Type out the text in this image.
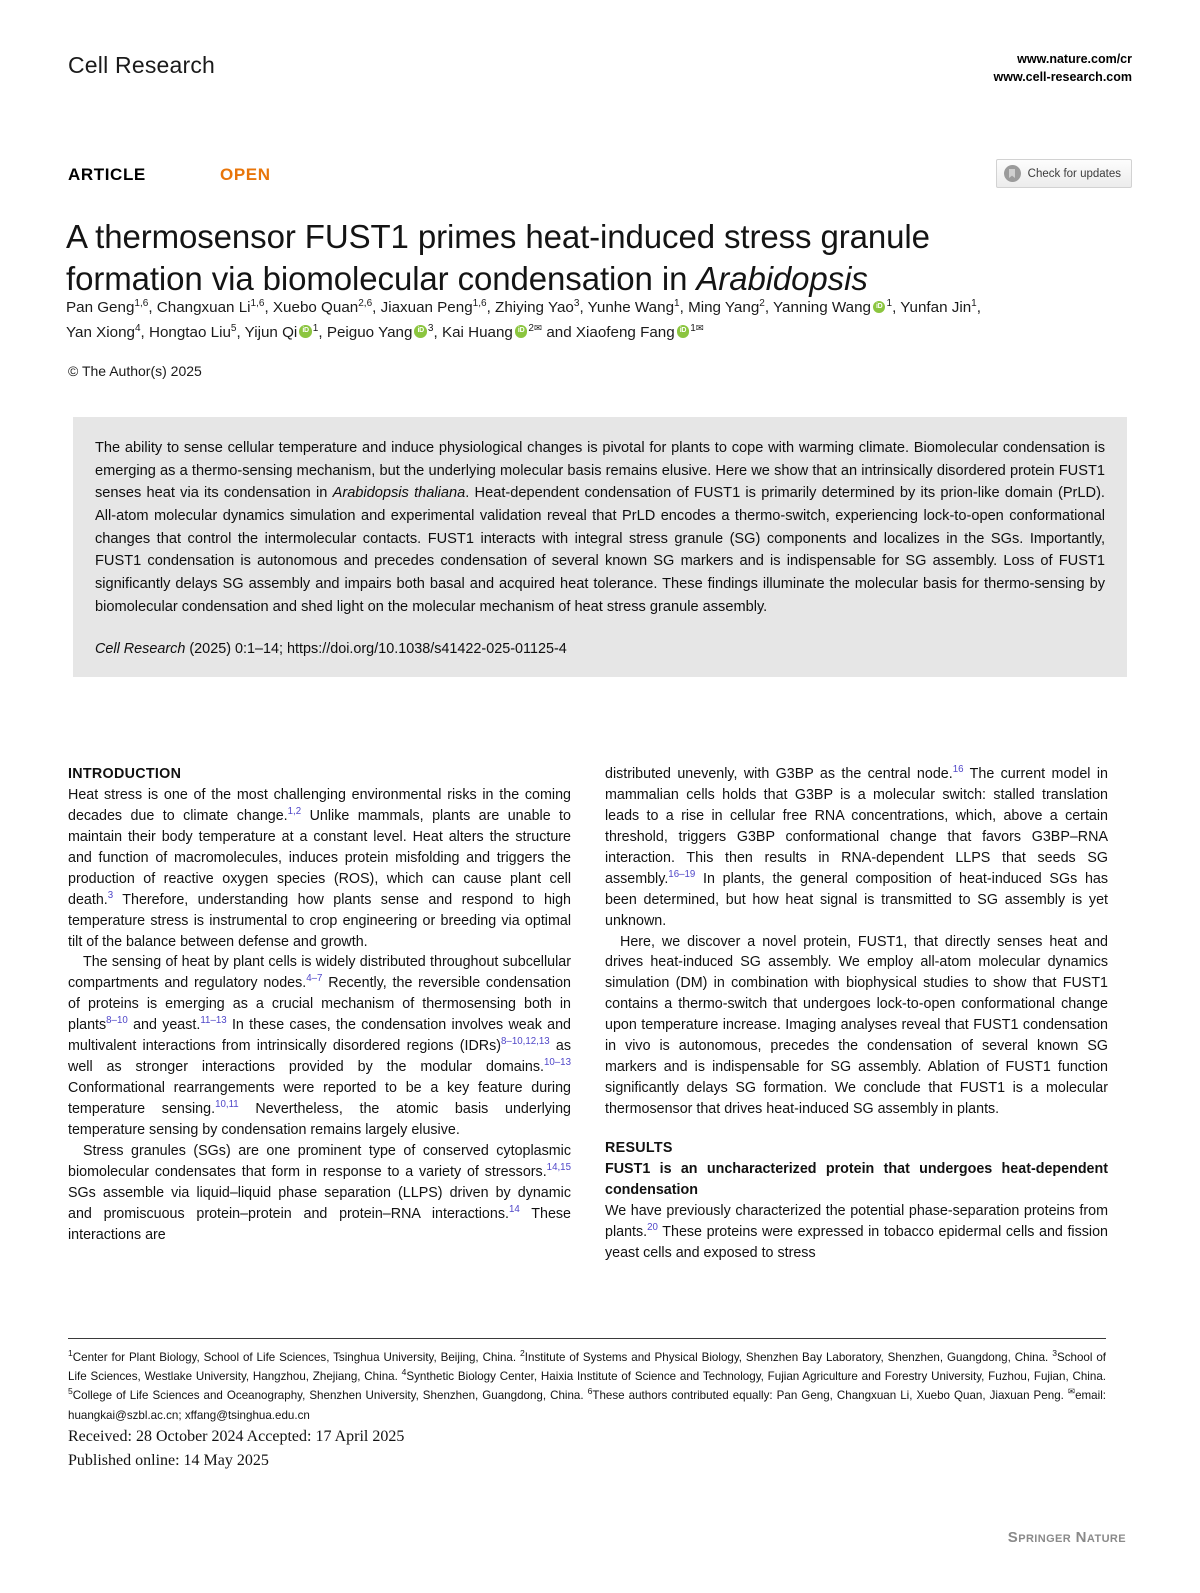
Cell Research	www.nature.com/cr
www.cell-research.com
ARTICLE	OPEN	Check for updates
A thermosensor FUST1 primes heat-induced stress granule
formation via biomolecular condensation in Arabidopsis
Pan Geng$^{1,6}$, Changxuan Li$^{1,6}$, Xuebo Quan$^{2,6}$, Jiaxuan Peng$^{1,6}$, Zhiying Yao$^3$, Yunhe Wang$^1$, Ming Yang$^2$, Yanning Wang iD $^1$, Yunfan Jin$^1$,
Yan Xiong$^4$, Hongtao Liu$^5$, Yijun Qi iD $^1$, Peiguo Yang iD $^3$, Kai Huang iD $^{2✉}$ and Xiaofeng Fang iD $^{1✉}$
© The Author(s) 2025

The ability to sense cellular temperature and induce physiological changes is pivotal for plants to cope with warming climate. Biomolecular condensation is emerging as a thermo-sensing mechanism, but the underlying molecular basis remains elusive. Here we show that an intrinsically disordered protein FUST1 senses heat via its condensation in Arabidopsis thaliana. Heat-dependent condensation of FUST1 is primarily determined by its prion-like domain (PrLD). All-atom molecular dynamics simulation and experimental validation reveal that PrLD encodes a thermo-switch, experiencing lock-to-open conformational changes that control the intermolecular contacts. FUST1 interacts with integral stress granule (SG) components and localizes in the SGs. Importantly, FUST1 condensation is autonomous and precedes condensation of several known SG markers and is indispensable for SG assembly. Loss of FUST1 significantly delays SG assembly and impairs both basal and acquired heat tolerance. These findings illuminate the molecular basis for thermo-sensing by biomolecular condensation and shed light on the molecular mechanism of heat stress granule assembly.

Cell Research (2025) 0:1–14; https://doi.org/10.1038/s41422-025-01125-4

INTRODUCTION

Heat stress is one of the most challenging environmental risks in the coming decades due to climate change.$^{1,2}$ Unlike mammals, plants are unable to maintain their body temperature at a constant level. Heat alters the structure and function of macromolecules, induces protein misfolding and triggers the production of reactive oxygen species (ROS), which can cause plant cell death.$^3$ Therefore, understanding how plants sense and respond to high temperature stress is instrumental to crop engineering or breeding via optimal tilt of the balance between defense and growth.

The sensing of heat by plant cells is widely distributed throughout subcellular compartments and regulatory nodes.$^{4-7}$ Recently, the reversible condensation of proteins is emerging as a crucial mechanism of thermosensing both in plants$^{8-10}$ and yeast.$^{11-13}$ In these cases, the condensation involves weak and multivalent interactions from intrinsically disordered regions (IDRs)$^{8-10,12,13}$ as well as stronger interactions provided by the modular domains.$^{10-13}$ Conformational rearrangements were reported to be a key feature during temperature sensing.$^{10,11}$ Nevertheless, the atomic basis underlying temperature sensing by condensation remains largely elusive.

Stress granules (SGs) are one prominent type of conserved cytoplasmic biomolecular condensates that form in response to a variety of stressors.$^{14,15}$ SGs assemble via liquid–liquid phase separation (LLPS) driven by dynamic and promiscuous protein–protein and protein–RNA interactions.$^{14}$ These interactions are

distributed unevenly, with G3BP as the central node.$^{16}$ The current model in mammalian cells holds that G3BP is a molecular switch: stalled translation leads to a rise in cellular free RNA concentrations, which, above a certain threshold, triggers G3BP conformational change that favors G3BP–RNA interaction. This then results in RNA-dependent LLPS that seeds SG assembly.$^{16-19}$ In plants, the general composition of heat-induced SGs has been determined, but how heat signal is transmitted to SG assembly is yet unknown.

Here, we discover a novel protein, FUST1, that directly senses heat and drives heat-induced SG assembly. We employ all-atom molecular dynamics simulation (DM) in combination with biophysical studies to show that FUST1 contains a thermo-switch that undergoes lock-to-open conformational change upon temperature increase. Imaging analyses reveal that FUST1 condensation in vivo is autonomous, precedes the condensation of several known SG markers and is indispensable for SG assembly. Ablation of FUST1 function significantly delays SG formation. We conclude that FUST1 is a molecular thermosensor that drives heat-induced SG assembly in plants.

RESULTS
FUST1 is an uncharacterized protein that undergoes heat-dependent condensation

We have previously characterized the potential phase-separation proteins from plants.$^{20}$ These proteins were expressed in tobacco epidermal cells and fission yeast cells and exposed to stress

$^1$Center for Plant Biology, School of Life Sciences, Tsinghua University, Beijing, China. $^2$Institute of Systems and Physical Biology, Shenzhen Bay Laboratory, Shenzhen, Guangdong, China. $^3$School of Life Sciences, Westlake University, Hangzhou, Zhejiang, China. $^4$Synthetic Biology Center, Haixia Institute of Science and Technology, Fujian Agriculture and Forestry University, Fuzhou, Fujian, China. $^5$College of Life Sciences and Oceanography, Shenzhen University, Shenzhen, Guangdong, China. $^6$These authors contributed equally: Pan Geng, Changxuan Li, Xuebo Quan, Jiaxuan Peng. ✉email: huangkai@szbl.ac.cn; xffang@tsinghua.edu.cn

Received: 28 October 2024 Accepted: 17 April 2025
Published online: 14 May 2025
Springer Nature
